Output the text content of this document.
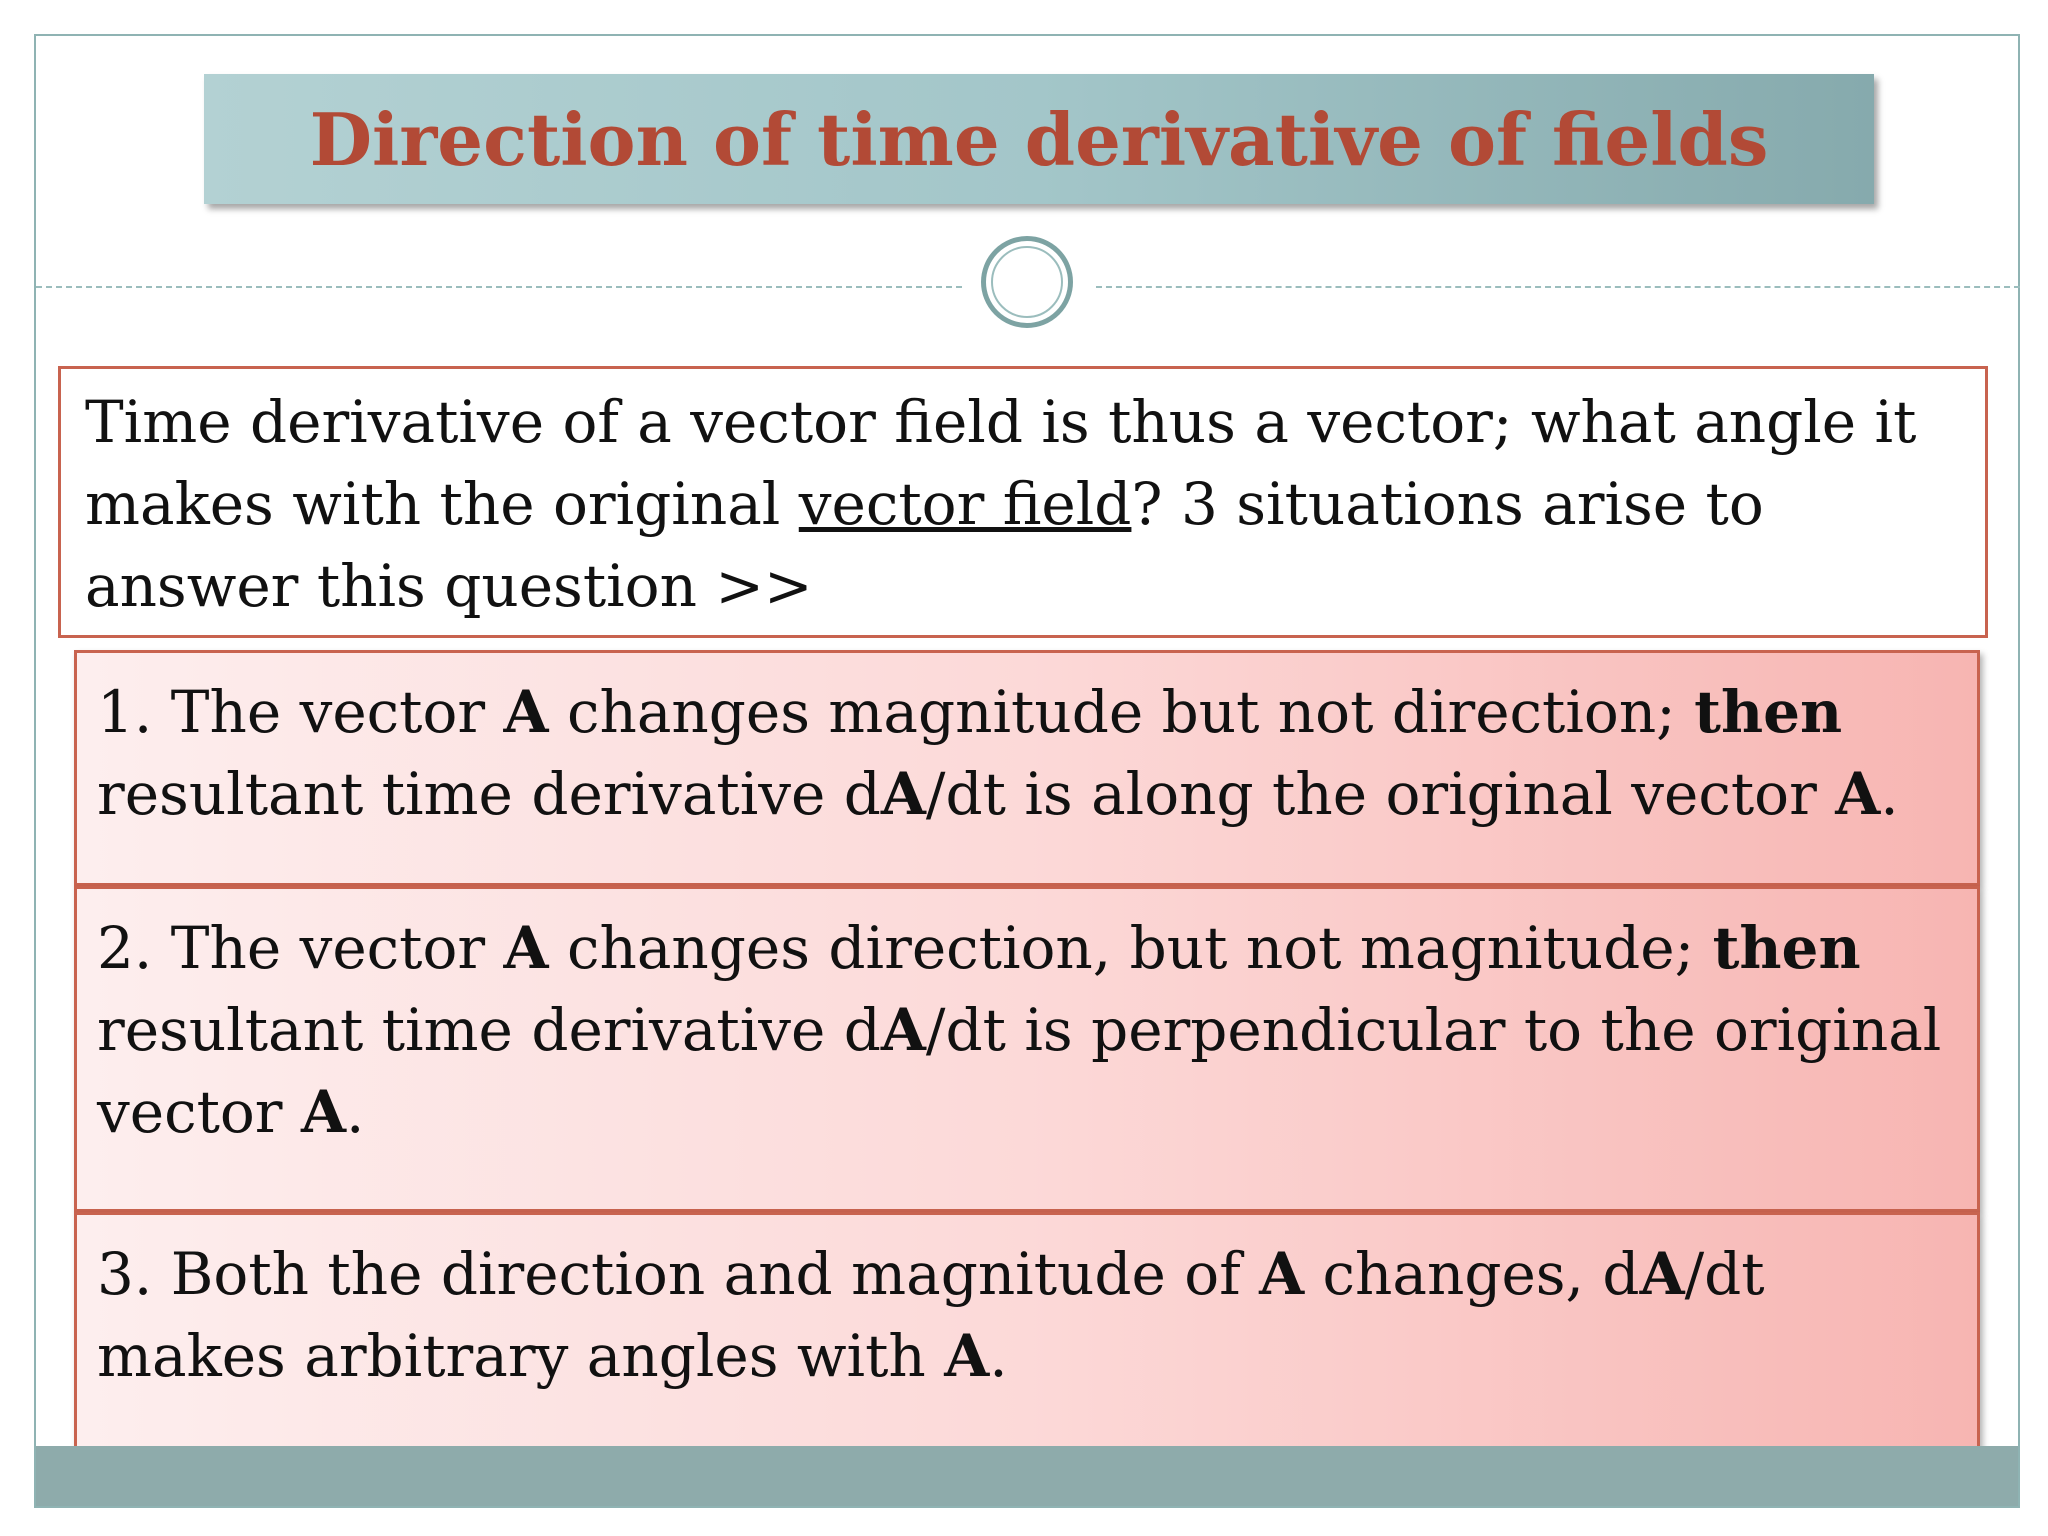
Direction of time derivative of fields
Time derivative of a vector field is thus a vector; what angle it makes with the original vector field? 3 situations arise to answer this question >>
1. The vector A changes magnitude but not direction; then resultant time derivative dA/dt is along the original vector A.
2. The vector A changes direction, but not magnitude; then resultant time derivative dA/dt is perpendicular to the original vector A.
3. Both the direction and magnitude of A changes, dA/dt makes arbitrary angles with A.
